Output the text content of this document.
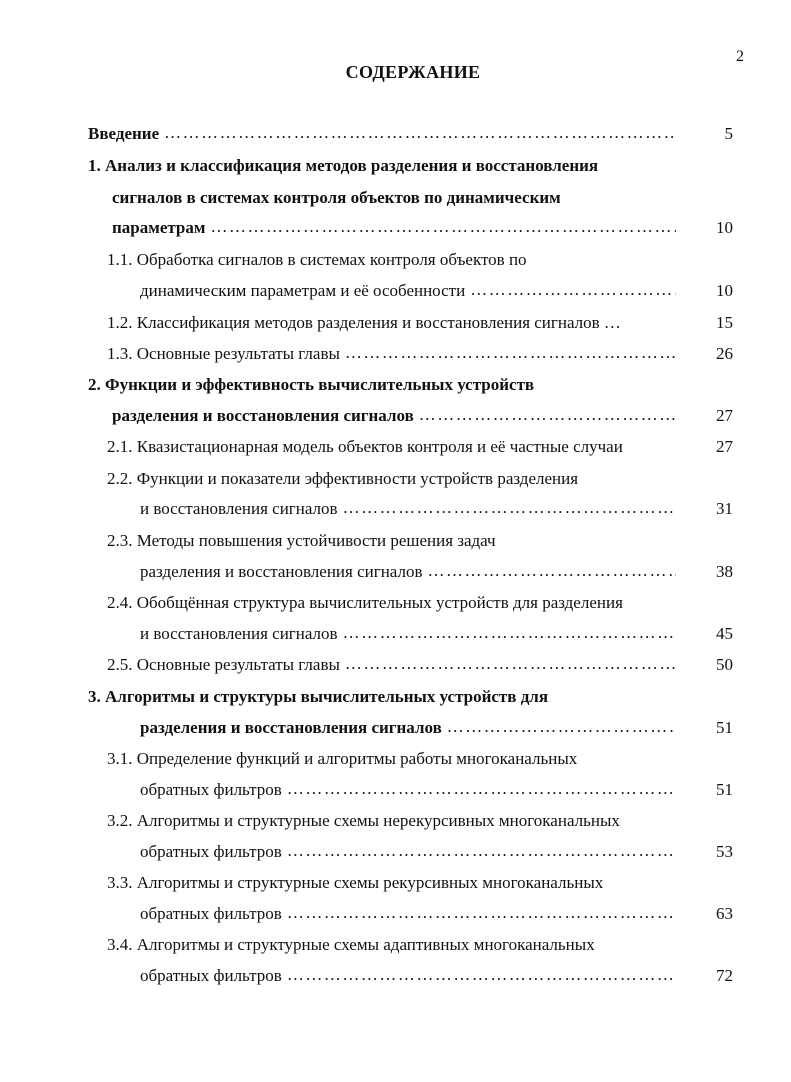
2
СОДЕРЖАНИЕ
Введение ………………………………………………………………………………………………………………………………………………………………………………………………………………	5
1. Анализ и классификация методов разделения и восстановления
сигналов в системах контроля объектов по динамическим
параметрам ………………………………………………………………………………………………………………………………………………………………………………………………………………	10
1.1. Обработка сигналов в системах контроля объектов по
динамическим параметрам и её особенности ………………………………………………………………………………………………………………………………………………………………………………………………………………	10
1.2. Классификация методов разделения и восстановления сигналов …	15
1.3. Основные результаты главы ………………………………………………………………………………………………………………………………………………………………………………………………………………	26
2. Функции и эффективность вычислительных устройств
разделения и восстановления сигналов ………………………………………………………………………………………………………………………………………………………………………………………………………………	27
2.1. Квазистационарная модель объектов контроля и её частные случаи	27
2.2. Функции и показатели эффективности устройств разделения
и восстановления сигналов ………………………………………………………………………………………………………………………………………………………………………………………………………………	31
2.3. Методы повышения устойчивости решения задач
разделения и восстановления сигналов ………………………………………………………………………………………………………………………………………………………………………………………………………………	38
2.4. Обобщённая структура вычислительных устройств для разделения
и восстановления сигналов ………………………………………………………………………………………………………………………………………………………………………………………………………………	45
2.5. Основные результаты главы ………………………………………………………………………………………………………………………………………………………………………………………………………………	50
3. Алгоритмы и структуры вычислительных устройств для
разделения и восстановления сигналов ………………………………………………………………………………………………………………………………………………………………………………………………………………	51
3.1. Определение функций и алгоритмы работы многоканальных
обратных фильтров ………………………………………………………………………………………………………………………………………………………………………………………………………………	51
3.2. Алгоритмы и структурные схемы нерекурсивных многоканальных
обратных фильтров ………………………………………………………………………………………………………………………………………………………………………………………………………………	53
3.3. Алгоритмы и структурные схемы рекурсивных многоканальных
обратных фильтров ………………………………………………………………………………………………………………………………………………………………………………………………………………	63
3.4. Алгоритмы и структурные схемы адаптивных многоканальных
обратных фильтров ………………………………………………………………………………………………………………………………………………………………………………………………………………	72
